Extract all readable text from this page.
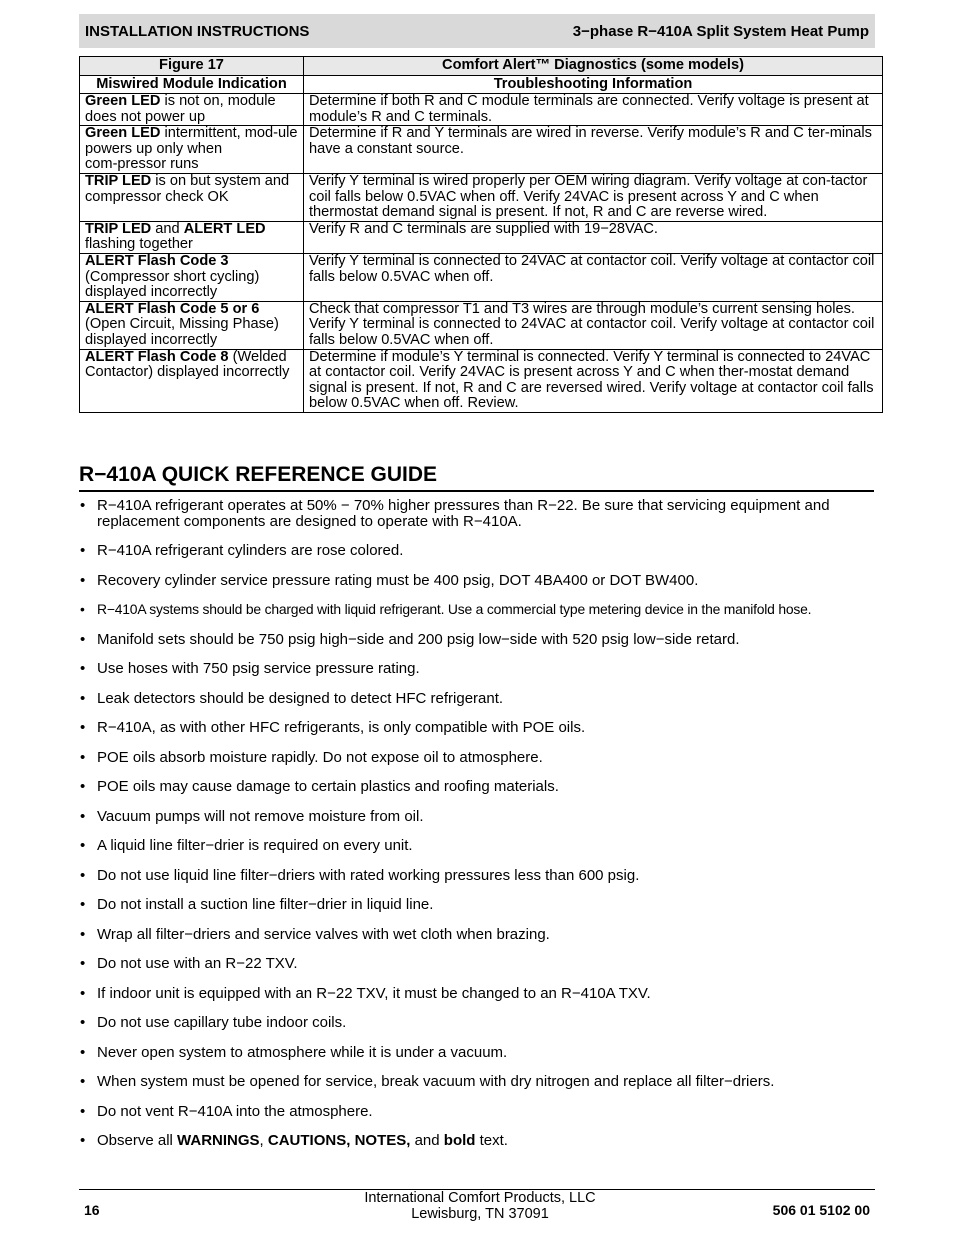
INSTALLATION INSTRUCTIONS	3−phase R−410A Split System Heat Pump
Figure 17	Comfort Alert™ Diagnostics (some models)
Miswired Module Indication	Troubleshooting Information
Green LED is not on, module does not power up	Determine if both R and C module terminals are connected. Verify voltage is present at module’s R and C terminals.
Green LED intermittent, mod‑ule powers up only when com‑pressor runs	Determine if R and Y terminals are wired in reverse. Verify module’s R and C ter‑minals have a constant source.
TRIP LED is on but system and compressor check OK	Verify Y terminal is wired properly per OEM wiring diagram. Verify voltage at con‑tactor coil falls below 0.5VAC when off. Verify 24VAC is present across Y and C when thermostat demand signal is present. If not, R and C are reverse wired.
TRIP LED and ALERT LED flashing together	Verify R and C terminals are supplied with 19−28VAC.
ALERT Flash Code 3 (Compressor short cycling) displayed incorrectly	Verify Y terminal is connected to 24VAC at contactor coil. Verify voltage at contactor coil falls below 0.5VAC when off.
ALERT Flash Code 5 or 6 (Open Circuit, Missing Phase) displayed incorrectly	Check that compressor T1 and T3 wires are through module’s current sensing holes. Verify Y terminal is connected to 24VAC at contactor coil. Verify voltage at contactor coil falls below 0.5VAC when off.
ALERT Flash Code 8 (Welded Contactor) displayed incorrectly	Determine if module’s Y terminal is connected. Verify Y terminal is connected to 24VAC at contactor coil. Verify 24VAC is present across Y and C when ther‑mostat demand signal is present. If not, R and C are reversed wired. Verify voltage at contactor coil falls below 0.5VAC when off. Review.
R−410A QUICK REFERENCE GUIDE
• R−410A refrigerant operates at 50% − 70% higher pressures than R−22. Be sure that servicing equipment and replacement components are designed to operate with R−410A.
• R−410A refrigerant cylinders are rose colored.
• Recovery cylinder service pressure rating must be 400 psig, DOT 4BA400 or DOT BW400.
• R−410A systems should be charged with liquid refrigerant. Use a commercial type metering device in the manifold hose.
• Manifold sets should be 750 psig high−side and 200 psig low−side with 520 psig low−side retard.
• Use hoses with 750 psig service pressure rating.
• Leak detectors should be designed to detect HFC refrigerant.
• R−410A, as with other HFC refrigerants, is only compatible with POE oils.
• POE oils absorb moisture rapidly. Do not expose oil to atmosphere.
• POE oils may cause damage to certain plastics and roofing materials.
• Vacuum pumps will not remove moisture from oil.
• A liquid line filter−drier is required on every unit.
• Do not use liquid line filter−driers with rated working pressures less than 600 psig.
• Do not install a suction line filter−drier in liquid line.
• Wrap all filter−driers and service valves with wet cloth when brazing.
• Do not use with an R−22 TXV.
• If indoor unit is equipped with an R−22 TXV, it must be changed to an R−410A TXV.
• Do not use capillary tube indoor coils.
• Never open system to atmosphere while it is under a vacuum.
• When system must be opened for service, break vacuum with dry nitrogen and replace all filter−driers.
• Do not vent R−410A into the atmosphere.
• Observe all WARNINGS, CAUTIONS, NOTES, and bold text.
16
International Comfort Products, LLC
Lewisburg, TN 37091	506 01 5102 00
